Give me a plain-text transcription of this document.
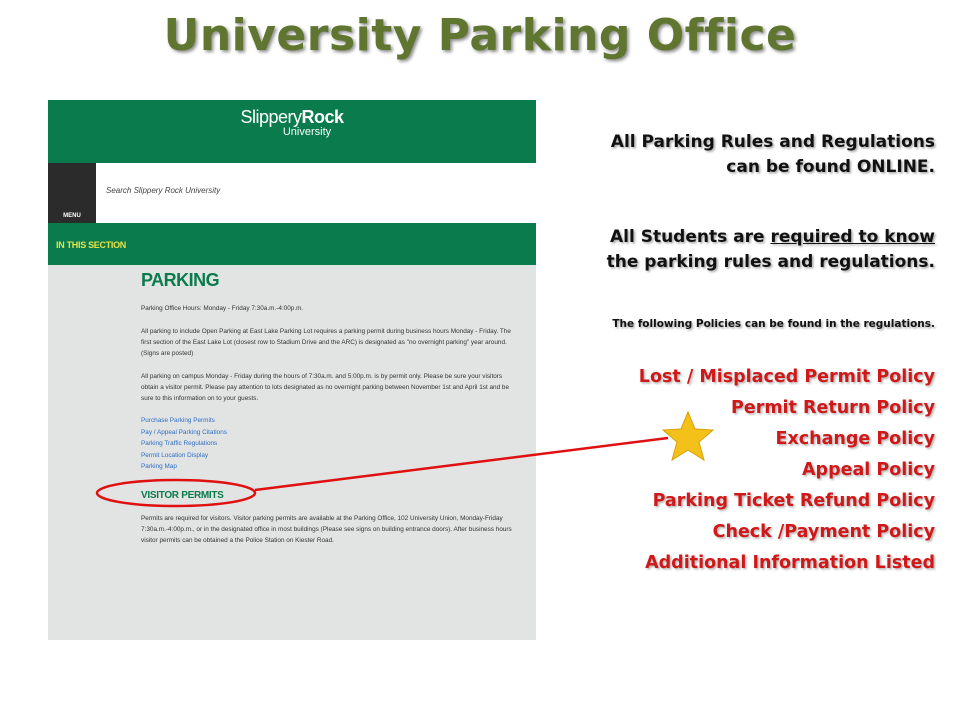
University Parking Office
SlipperyRock
University
MENU
Search Slippery Rock University
IN THIS SECTION
PARKING

Parking Office Hours: Monday - Friday 7:30a.m.-4:00p.m.

All parking to include Open Parking at East Lake Parking Lot requires a parking permit during business hours Monday - Friday. The first section of the East Lake Lot (closest row to Stadium Drive and the ARC) is designated as "no overnight parking" year around. (Signs are posted)

All parking on campus Monday - Friday during the hours of 7:30a.m. and 5:00p.m. is by permit only. Please be sure your visitors obtain a visitor permit. Please pay attention to lots designated as no overnight parking between November 1st and April 1st and be sure to this information on to your guests.

Purchase Parking Permits
Pay / Appeal Parking Citations
Parking Traffic Regulations
Permit Location Display
Parking Map
VISITOR PERMITS

Permits are required for visitors. Visitor parking permits are available at the Parking Office, 102 University Union, Monday-Friday 7:30a.m.-4:00p.m., or in the designated office in most buildings (Please see signs on building entrance doors). After business hours visitor permits can be obtained a the Police Station on Kiester Road.

All Parking Rules and Regulations
can be found ONLINE.
All Students are required to know
the parking rules and regulations.
The following Policies can be found in the regulations.
Lost / Misplaced Permit Policy
Permit Return Policy
Exchange Policy
Appeal Policy
Parking Ticket Refund Policy
Check /Payment Policy
Additional Information Listed
